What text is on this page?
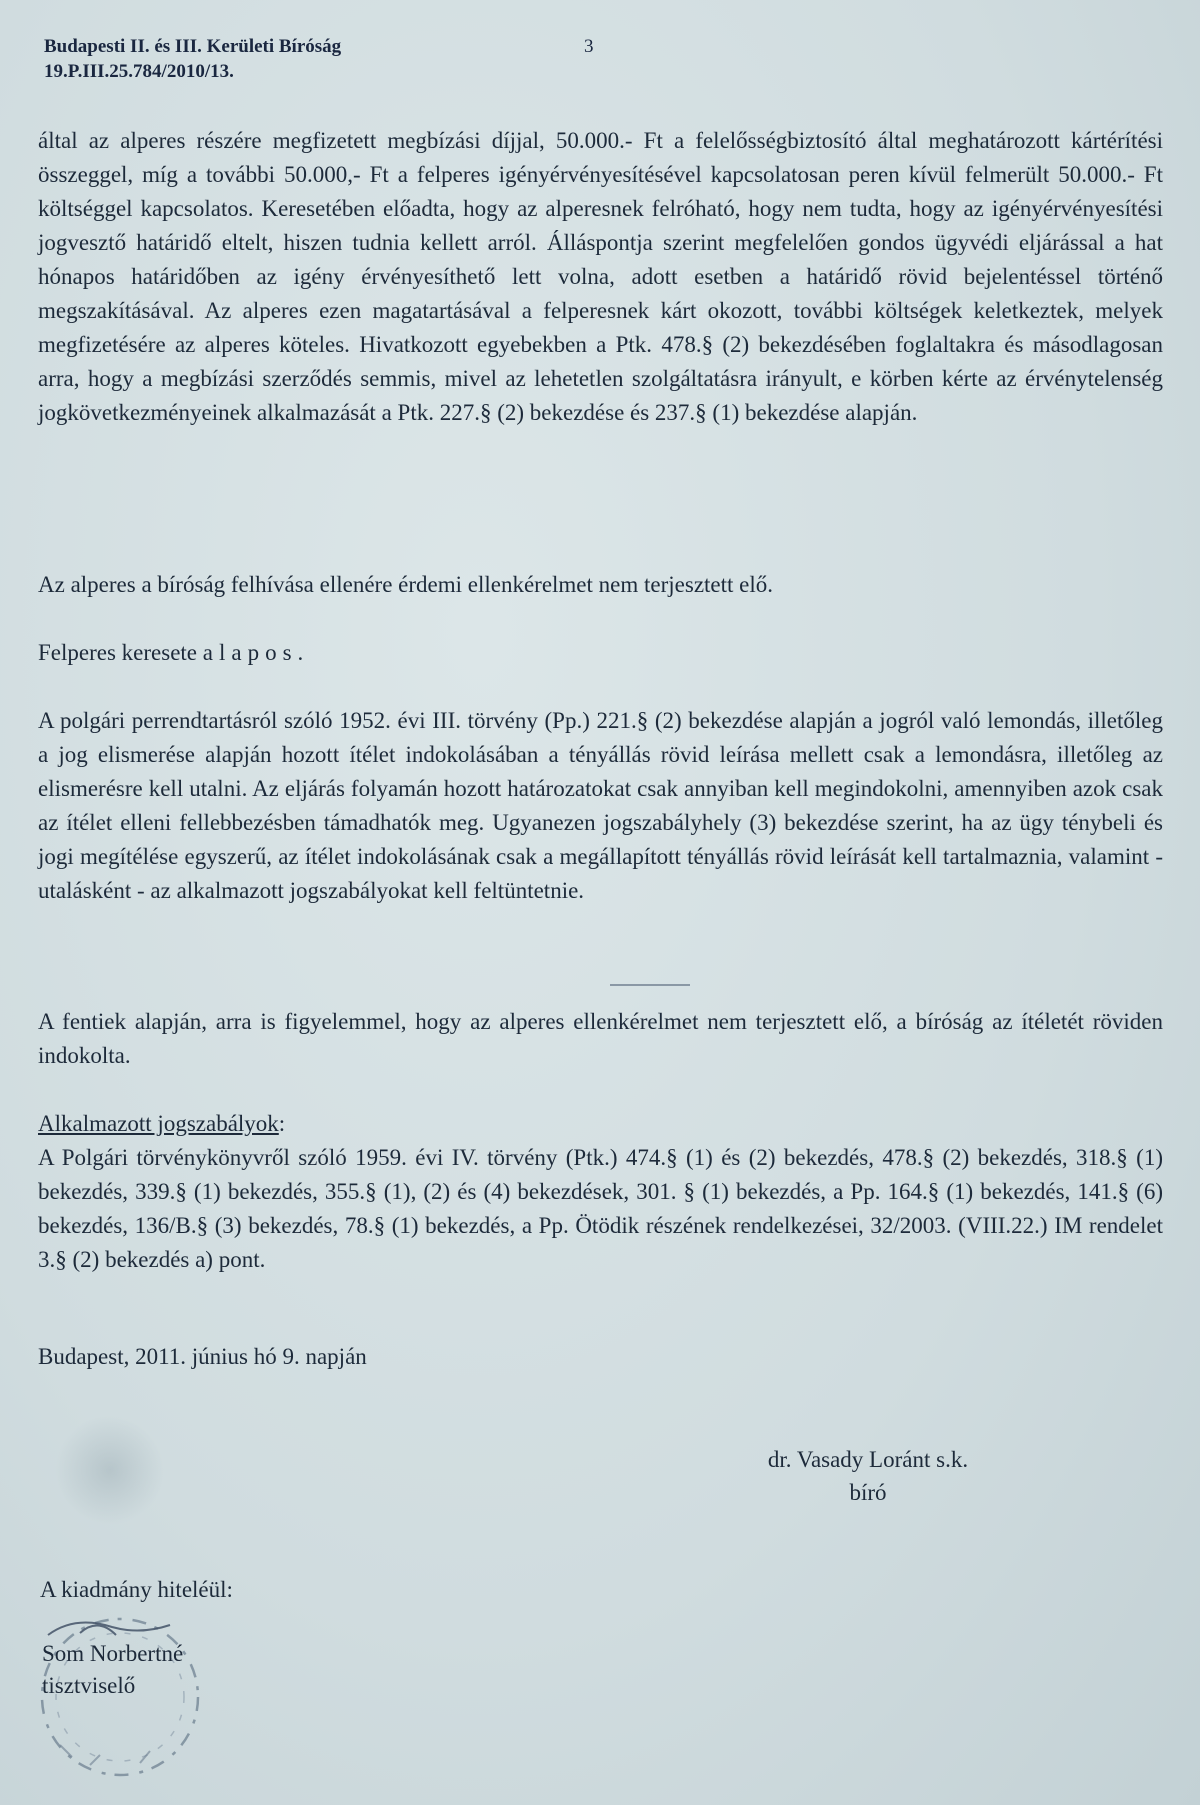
Budapesti II. és III. Kerületi Bíróság
19.P.III.25.784/2010/13.
3

által az alperes részére megfizetett megbízási díjjal, 50.000.- Ft a felelősségbiztosító által meghatározott kártérítési összeggel, míg a további 50.000,- Ft a felperes igényérvényesítésével kapcsolatosan peren kívül felmerült 50.000.- Ft költséggel kapcsolatos. Keresetében előadta, hogy az alperesnek felróható, hogy nem tudta, hogy az igényérvényesítési jogvesztő határidő eltelt, hiszen tudnia kellett arról. Álláspontja szerint megfelelően gondos ügyvédi eljárással a hat hónapos határidőben az igény érvényesíthető lett volna, adott esetben a határidő rövid bejelentéssel történő megszakításával. Az alperes ezen magatartásával a felperesnek kárt okozott, további költségek keletkeztek, melyek megfizetésére az alperes köteles. Hivatkozott egyebekben a Ptk. 478.§ (2) bekezdésében foglaltakra és másodlagosan arra, hogy a megbízási szerződés semmis, mivel az lehetetlen szolgáltatásra irányult, e körben kérte az érvénytelenség jogkövetkezményeinek alkalmazását a Ptk. 227.§ (2) bekezdése és 237.§ (1) bekezdése alapján.

Az alperes a bíróság felhívása ellenére érdemi ellenkérelmet nem terjesztett elő.

Felperes keresete alapos.

A polgári perrendtartásról szóló 1952. évi III. törvény (Pp.) 221.§ (2) bekezdése alapján a jogról való lemondás, illetőleg a jog elismerése alapján hozott ítélet indokolásában a tényállás rövid leírása mellett csak a lemondásra, illetőleg az elismerésre kell utalni. Az eljárás folyamán hozott határozatokat csak annyiban kell megindokolni, amennyiben azok csak az ítélet elleni fellebbezésben támadhatók meg. Ugyanezen jogszabályhely (3) bekezdése szerint, ha az ügy ténybeli és jogi megítélése egyszerű, az ítélet indokolásának csak a megállapított tényállás rövid leírását kell tartalmaznia, valamint - utalásként - az alkalmazott jogszabályokat kell feltüntetnie.

A fentiek alapján, arra is figyelemmel, hogy az alperes ellenkérelmet nem terjesztett elő, a bíróság az ítéletét röviden indokolta.

Alkalmazott jogszabályok:

A Polgári törvénykönyvről szóló 1959. évi IV. törvény (Ptk.) 474.§ (1) és (2) bekezdés, 478.§ (2) bekezdés, 318.§ (1) bekezdés, 339.§ (1) bekezdés, 355.§ (1), (2) és (4) bekezdések, 301. § (1) bekezdés, a Pp. 164.§ (1) bekezdés, 141.§ (6) bekezdés, 136/B.§ (3) bekezdés, 78.§ (1) bekezdés, a Pp. Ötödik részének rendelkezései, 32/2003. (VIII.22.) IM rendelet 3.§ (2) bekezdés a) pont.

Budapest, 2011. június hó 9. napján

dr. Vasady Loránt s.k.
bíró
A kiadmány hiteléül:
Som Norbertné
tisztviselő
